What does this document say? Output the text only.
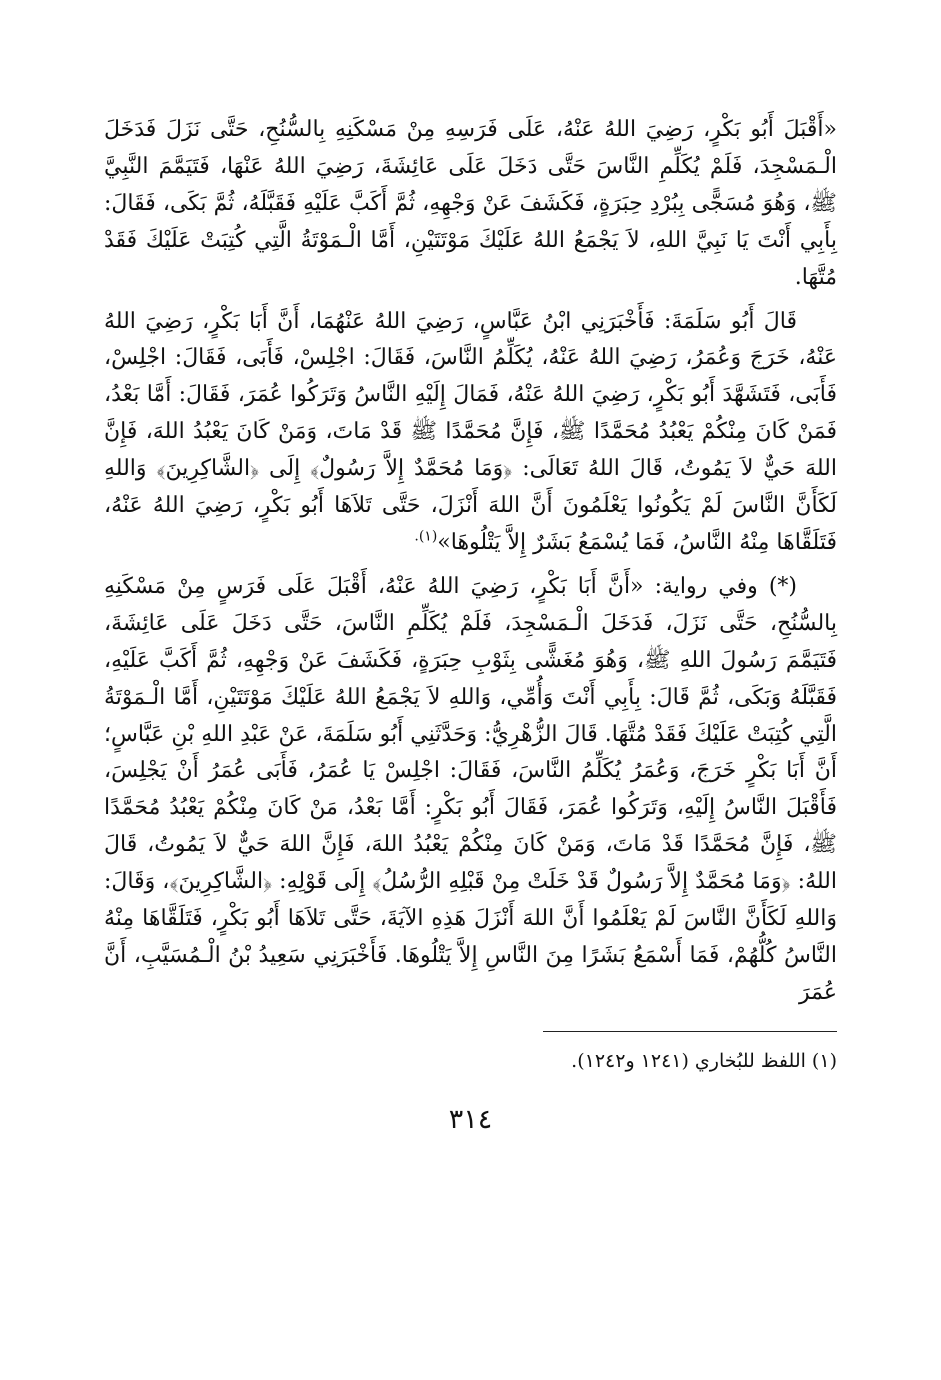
«أَقْبَلَ أَبُو بَكْرٍ، رَضِيَ اللهُ عَنْهُ، عَلَى فَرَسِهِ مِنْ مَسْكَنِهِ بِالسُّنُحِ، حَتَّى نَزَلَ فَدَخَلَ الْـمَسْجِدَ، فَلَمْ يُكَلِّمِ النَّاسَ حَتَّى دَخَلَ عَلَى عَائِشَةَ، رَضِيَ اللهُ عَنْهَا، فَتَيَمَّمَ النَّبِيَّ ﷺ، وَهُوَ مُسَجًّى بِبُرْدِ حِبَرَةٍ، فَكَشَفَ عَنْ وَجْهِهِ، ثُمَّ أَكَبَّ عَلَيْهِ فَقَبَّلَهُ، ثُمَّ بَكَى، فَقَالَ: بِأَبِي أَنْتَ يَا نَبِيَّ اللهِ، لاَ يَجْمَعُ اللهُ عَلَيْكَ مَوْتَتَيْنِ، أَمَّا الْـمَوْتَةُ الَّتِي كُتِبَتْ عَلَيْكَ فَقَدْ مُتَّهَا.

قَالَ أَبُو سَلَمَةَ: فَأَخْبَرَنِي ابْنُ عَبَّاسٍ، رَضِيَ اللهُ عَنْهُمَا، أَنَّ أَبَا بَكْرٍ، رَضِيَ اللهُ عَنْهُ، خَرَجَ وَعُمَرُ، رَضِيَ اللهُ عَنْهُ، يُكَلِّمُ النَّاسَ، فَقَالَ: اجْلِسْ، فَأَبَى، فَقَالَ: اجْلِسْ، فَأَبَى، فَتَشَهَّدَ أَبُو بَكْرٍ، رَضِيَ اللهُ عَنْهُ، فَمَالَ إِلَيْهِ النَّاسُ وَتَرَكُوا عُمَرَ، فَقَالَ: أَمَّا بَعْدُ، فَمَنْ كَانَ مِنْكُمْ يَعْبُدُ مُحَمَّدًا ﷺ، فَإِنَّ مُحَمَّدًا ﷺ قَدْ مَاتَ، وَمَنْ كَانَ يَعْبُدُ اللهَ، فَإِنَّ اللهَ حَيٌّ لاَ يَمُوتُ، قَالَ اللهُ تَعَالَى: ﴿وَمَا مُحَمَّدٌ إِلاَّ رَسُولٌ﴾ إِلَى ﴿الشَّاكِرِينَ﴾ وَاللهِ لَكَأَنَّ النَّاسَ لَمْ يَكُونُوا يَعْلَمُونَ أَنَّ اللهَ أَنْزَلَ، حَتَّى تَلاَهَا أَبُو بَكْرٍ، رَضِيَ اللهُ عَنْهُ، فَتَلَقَّاهَا مِنْهُ النَّاسُ، فَمَا يُسْمَعُ بَشَرٌ إِلاَّ يَتْلُوهَا»$^{(١).}$

(*) وفي رواية: «أَنَّ أَبَا بَكْرٍ، رَضِيَ اللهُ عَنْهُ، أَقْبَلَ عَلَى فَرَسٍ مِنْ مَسْكَنِهِ بِالسُّنُحِ، حَتَّى نَزَلَ، فَدَخَلَ الْـمَسْجِدَ، فَلَمْ يُكَلِّمِ النَّاسَ، حَتَّى دَخَلَ عَلَى عَائِشَةَ، فَتَيَمَّمَ رَسُولَ اللهِ ﷺ، وَهُوَ مُغَشًّى بِثَوْبِ حِبَرَةٍ، فَكَشَفَ عَنْ وَجْهِهِ، ثُمَّ أَكَبَّ عَلَيْهِ، فَقَبَّلَهُ وَبَكَى، ثُمَّ قَالَ: بِأَبِي أَنْتَ وَأُمِّي، وَاللهِ لاَ يَجْمَعُ اللهُ عَلَيْكَ مَوْتَتَيْنِ، أَمَّا الْـمَوْتَةُ الَّتِي كُتِبَتْ عَلَيْكَ فَقَدْ مُتَّهَا. قَالَ الزُّهْرِيُّ: وَحَدَّثَنِي أَبُو سَلَمَةَ، عَنْ عَبْدِ اللهِ بْنِ عَبَّاسٍ؛ أَنَّ أَبَا بَكْرٍ خَرَجَ، وَعُمَرُ يُكَلِّمُ النَّاسَ، فَقَالَ: اجْلِسْ يَا عُمَرُ، فَأَبَى عُمَرُ أَنْ يَجْلِسَ، فَأَقْبَلَ النَّاسُ إِلَيْهِ، وَتَرَكُوا عُمَرَ، فَقَالَ أَبُو بَكْرٍ: أَمَّا بَعْدُ، مَنْ كَانَ مِنْكُمْ يَعْبُدُ مُحَمَّدًا ﷺ، فَإِنَّ مُحَمَّدًا قَدْ مَاتَ، وَمَنْ كَانَ مِنْكُمْ يَعْبُدُ اللهَ، فَإِنَّ اللهَ حَيٌّ لاَ يَمُوتُ، قَالَ اللهُ: ﴿وَمَا مُحَمَّدٌ إِلاَّ رَسُولٌ قَدْ خَلَتْ مِنْ قَبْلِهِ الرُّسُلُ﴾ إِلَى قَوْلِهِ: ﴿الشَّاكِرِينَ﴾، وَقَالَ: وَاللهِ لَكَأَنَّ النَّاسَ لَمْ يَعْلَمُوا أَنَّ اللهَ أَنْزَلَ هَذِهِ الآيَةَ، حَتَّى تَلاَهَا أَبُو بَكْرٍ، فَتَلَقَّاهَا مِنْهُ النَّاسُ كُلُّهُمْ، فَمَا أَسْمَعُ بَشَرًا مِنَ النَّاسِ إِلاَّ يَتْلُوهَا. فَأَخْبَرَنِي سَعِيدُ بْنُ الْـمُسَيَّبِ، أَنَّ عُمَرَ

(١) اللفظ للبُخاري (١٢٤١ و١٢٤٢).

٣١٤
